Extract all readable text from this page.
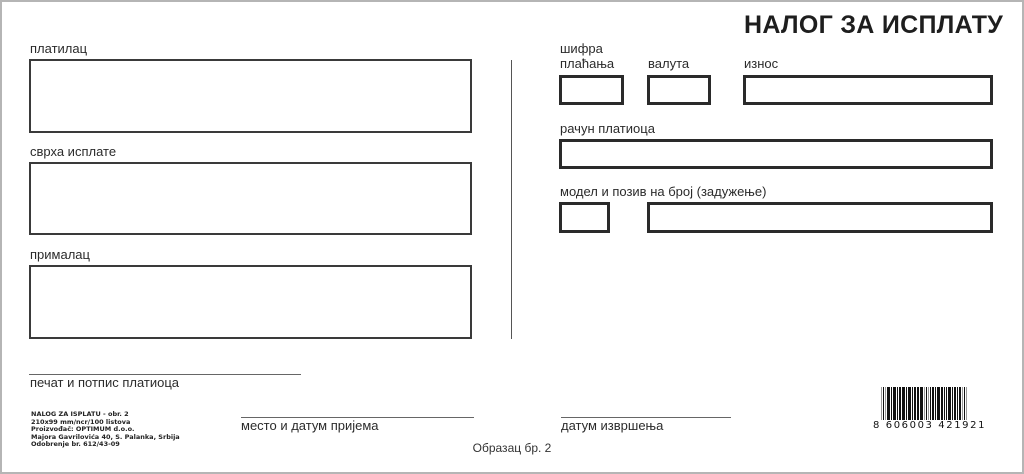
НАЛОГ ЗА ИСПЛАТУ
платилац
сврха исплате
прималац
печат и потпис платиоца
шифра
плаћања	валута	износ
рачун платиоца
модел и позив на број (задужење)
NALOG ZA ISPLATU - obr. 2
210x99 mm/ncr/100 listova
Proizvođač: OPTIMUM d.o.o.
Majora Gavrilovića 40, S. Palanka, Srbija
Odobrenje br. 612/43-09
место и датум пријема	датум извршења
Образац бр. 2
8 606003 421921
